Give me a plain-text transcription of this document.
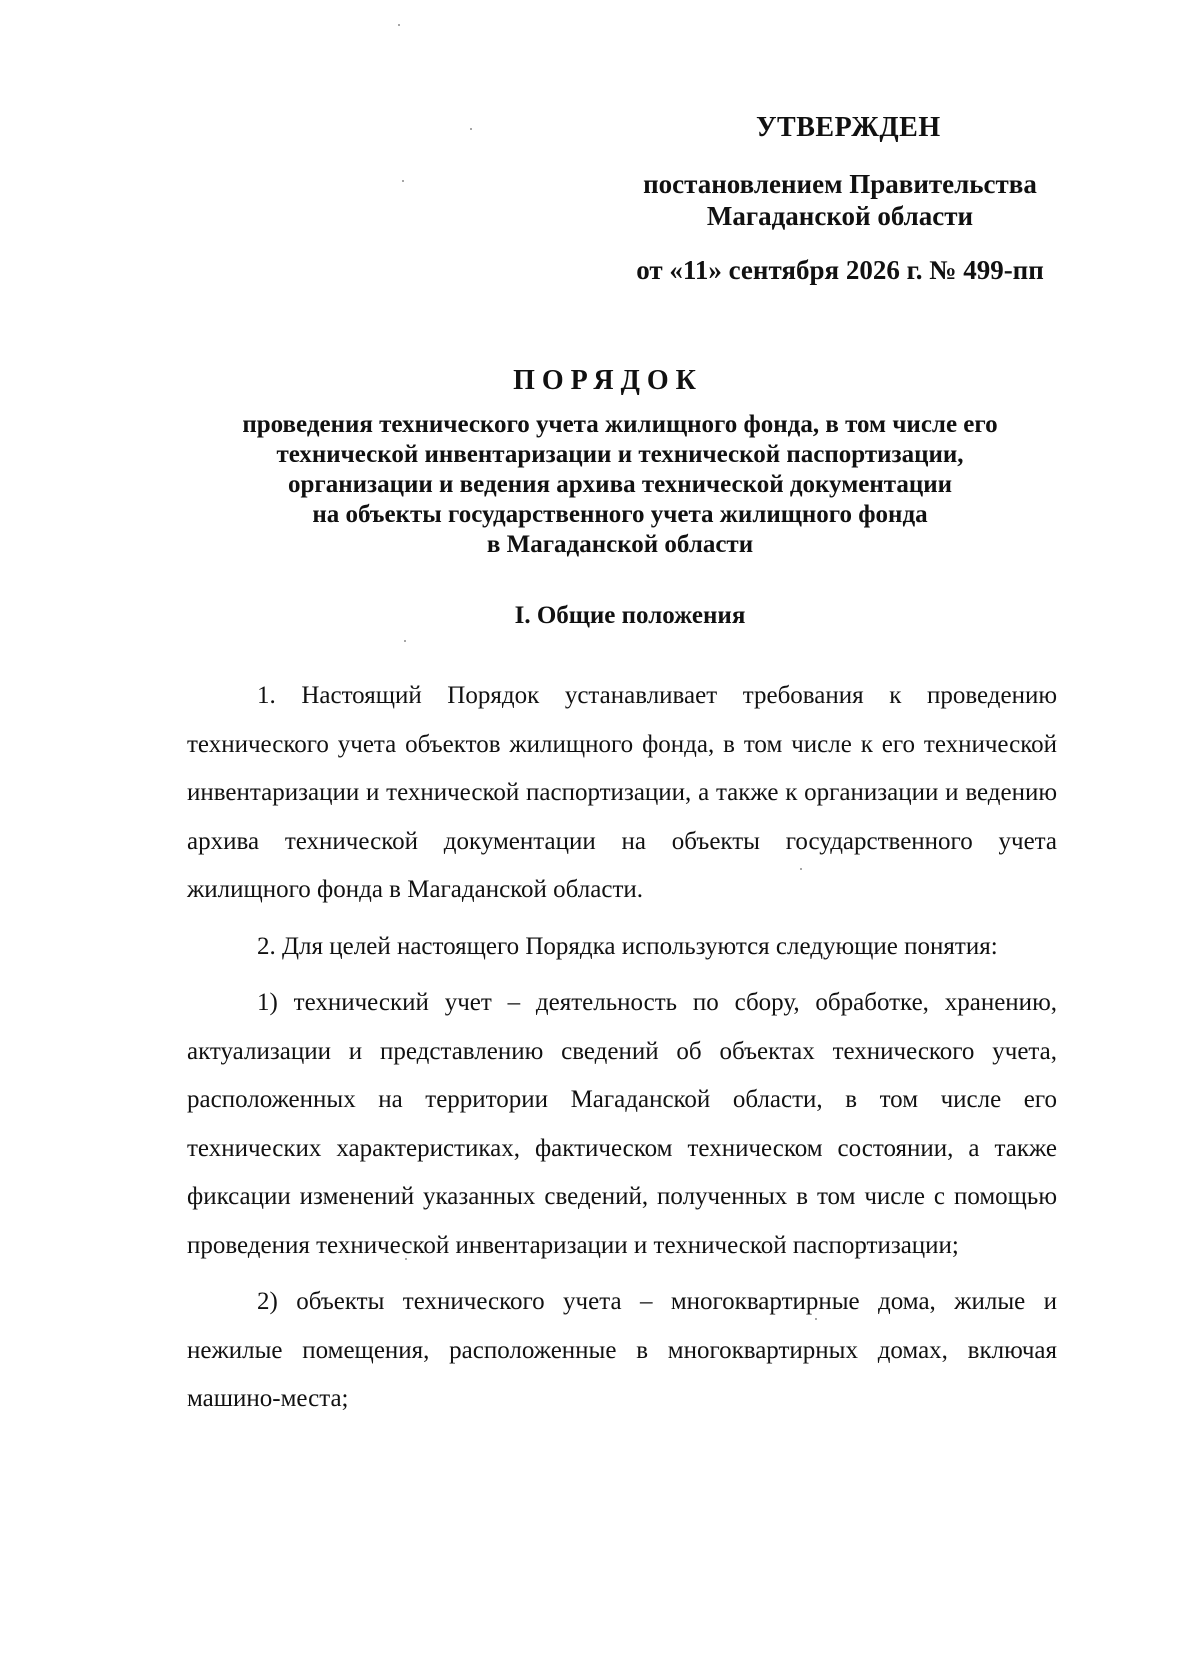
УТВЕРЖДЕН
постановлением Правительства
Магаданской области
от «11» сентября 2026 г. № 499-пп
ПОРЯДОК
проведения технического учета жилищного фонда, в том числе его
технической инвентаризации и технической паспортизации,
организации и ведения архива технической документации
на объекты государственного учета жилищного фонда
в Магаданской области
I. Общие положения

1. Настоящий Порядок устанавливает требования к проведению технического учета объектов жилищного фонда, в том числе к его технической инвентаризации и технической паспортизации, а также к организации и ведению архива технической документации на объекты государственного учета жилищного фонда в Магаданской области.

2. Для целей настоящего Порядка используются следующие понятия:

1) технический учет – деятельность по сбору, обработке, хранению, актуализации и представлению сведений об объектах технического учета, расположенных на территории Магаданской области, в том числе его технических характеристиках, фактическом техническом состоянии, а также фиксации изменений указанных сведений, полученных в том числе с помощью проведения технической инвентаризации и технической паспортизации;

2) объекты технического учета – многоквартирные дома, жилые и нежилые помещения, расположенные в многоквартирных домах, включая машино-места;
